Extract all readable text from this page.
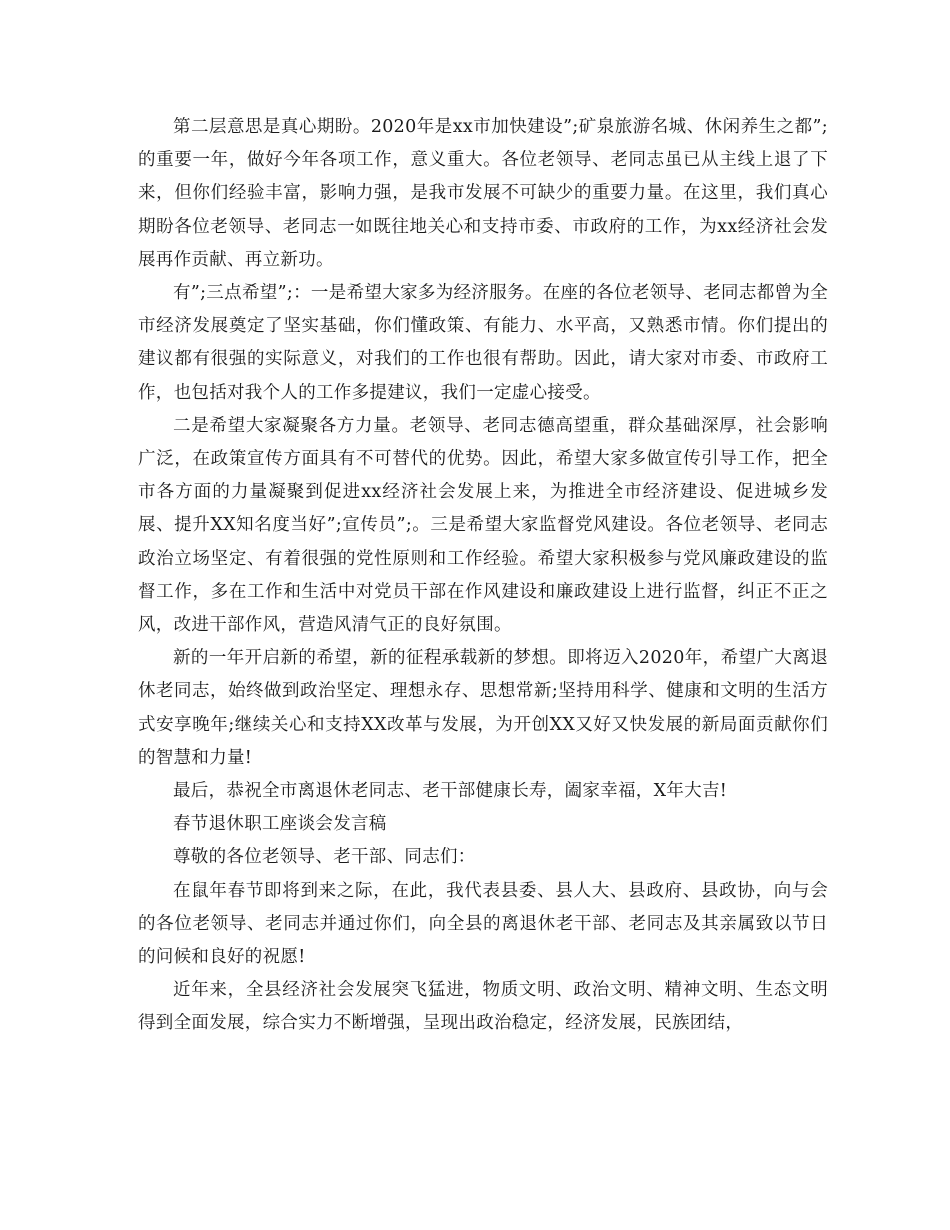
第二层意思是真心期盼。2020年是xx市加快建设”;矿泉旅游名城、休闲养生之都”;的重要一年，做好今年各项工作，意义重大。各位老领导、老同志虽已从主线上退了下来，但你们经验丰富，影响力强，是我市发展不可缺少的重要力量。在这里，我们真心期盼各位老领导、老同志一如既往地关心和支持市委、市政府的工作，为xx经济社会发展再作贡献、再立新功。

有”;三点希望”;：一是希望大家多为经济服务。在座的各位老领导、老同志都曾为全市经济发展奠定了坚实基础，你们懂政策、有能力、水平高，又熟悉市情。你们提出的建议都有很强的实际意义，对我们的工作也很有帮助。因此，请大家对市委、市政府工作，也包括对我个人的工作多提建议，我们一定虚心接受。

二是希望大家凝聚各方力量。老领导、老同志德高望重，群众基础深厚，社会影响广泛，在政策宣传方面具有不可替代的优势。因此，希望大家多做宣传引导工作，把全市各方面的力量凝聚到促进xx经济社会发展上来，为推进全市经济建设、促进城乡发展、提升XX知名度当好”;宣传员”;。三是希望大家监督党风建设。各位老领导、老同志政治立场坚定、有着很强的党性原则和工作经验。希望大家积极参与党风廉政建设的监督工作，多在工作和生活中对党员干部在作风建设和廉政建设上进行监督，纠正不正之风，改进干部作风，营造风清气正的良好氛围。

新的一年开启新的希望，新的征程承载新的梦想。即将迈入2020年，希望广大离退休老同志，始终做到政治坚定、理想永存、思想常新;坚持用科学、健康和文明的生活方式安享晚年;继续关心和支持XX改革与发展，为开创XX又好又快发展的新局面贡献你们的智慧和力量!

最后，恭祝全市离退休老同志、老干部健康长寿，阖家幸福，X年大吉!

春节退休职工座谈会发言稿

尊敬的各位老领导、老干部、同志们：

在鼠年春节即将到来之际，在此，我代表县委、县人大、县政府、县政协，向与会的各位老领导、老同志并通过你们，向全县的离退休老干部、老同志及其亲属致以节日的问候和良好的祝愿!

近年来，全县经济社会发展突飞猛进，物质文明、政治文明、精神文明、生态文明得到全面发展，综合实力不断增强，呈现出政治稳定，经济发展，民族团结，
